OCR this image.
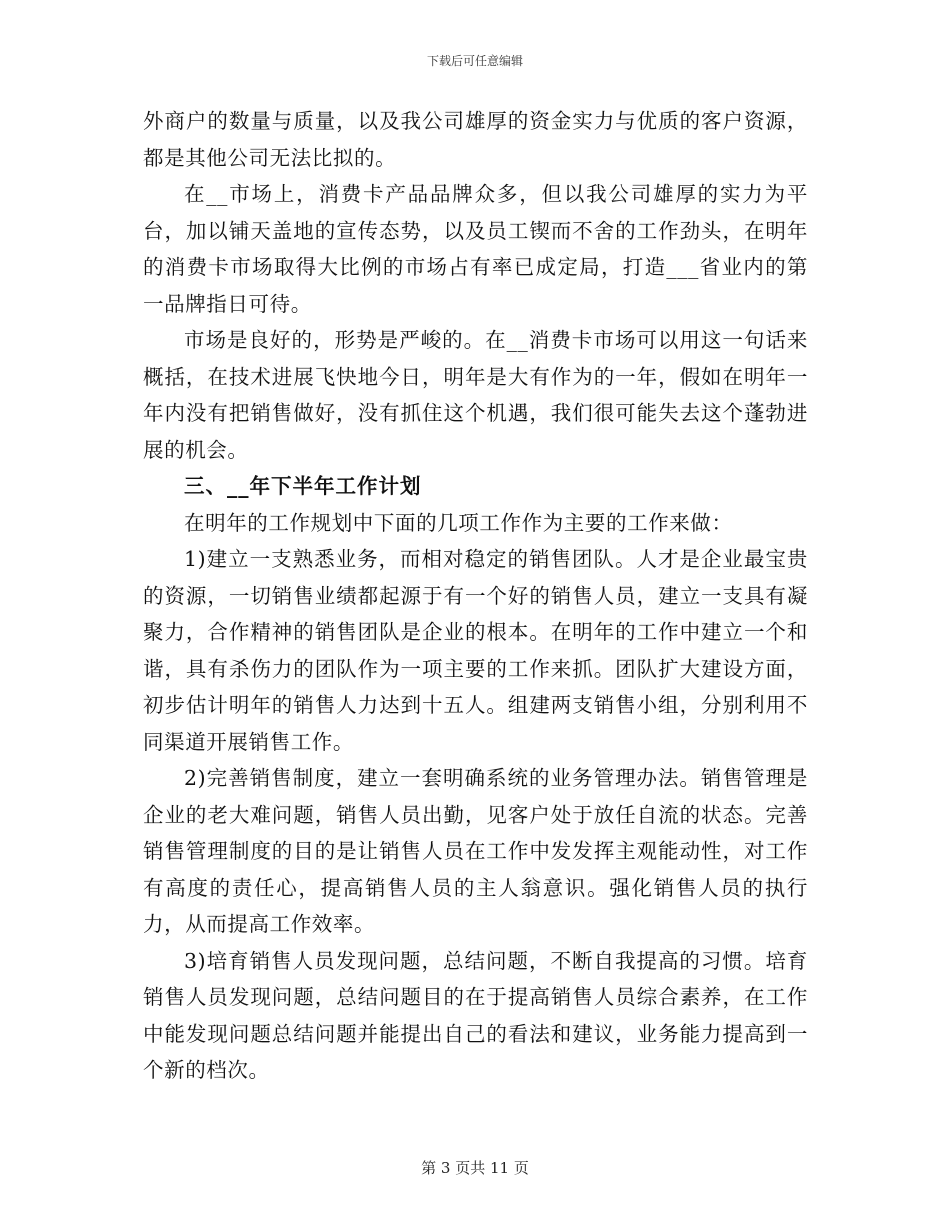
下载后可任意编辑

外商户的数量与质量，以及我公司雄厚的资金实力与优质的客户资源，都是其他公司无法比拟的。

在__市场上，消费卡产品品牌众多，但以我公司雄厚的实力为平台，加以铺天盖地的宣传态势，以及员工锲而不舍的工作劲头，在明年的消费卡市场取得大比例的市场占有率已成定局，打造___省业内的第一品牌指日可待。

市场是良好的，形势是严峻的。在__消费卡市场可以用这一句话来概括，在技术进展飞快地今日，明年是大有作为的一年，假如在明年一年内没有把销售做好，没有抓住这个机遇，我们很可能失去这个蓬勃进展的机会。

三、__年下半年工作计划

在明年的工作规划中下面的几项工作作为主要的工作来做：

1)建立一支熟悉业务，而相对稳定的销售团队。人才是企业最宝贵的资源，一切销售业绩都起源于有一个好的销售人员，建立一支具有凝聚力，合作精神的销售团队是企业的根本。在明年的工作中建立一个和谐，具有杀伤力的团队作为一项主要的工作来抓。团队扩大建设方面，初步估计明年的销售人力达到十五人。组建两支销售小组，分别利用不同渠道开展销售工作。

2)完善销售制度，建立一套明确系统的业务管理办法。销售管理是企业的老大难问题，销售人员出勤，见客户处于放任自流的状态。完善销售管理制度的目的是让销售人员在工作中发发挥主观能动性，对工作有高度的责任心，提高销售人员的主人翁意识。强化销售人员的执行力，从而提高工作效率。

3)培育销售人员发现问题，总结问题，不断自我提高的习惯。培育销售人员发现问题，总结问题目的在于提高销售人员综合素养，在工作中能发现问题总结问题并能提出自己的看法和建议，业务能力提高到一个新的档次。

第 3 页共 11 页
